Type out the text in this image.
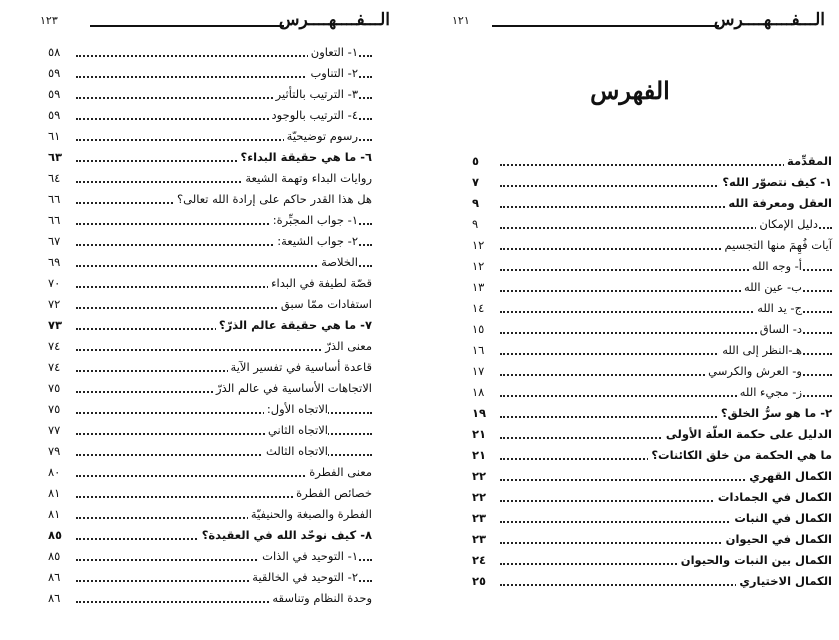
١٢١	الـــفــــهــــرس
الفهرس
٥	المقدِّمة
٧	١- كيف نتصوّر الله؟
٩	العقل ومعرفة الله
٩	دليل الإمكان
١٢	آيات فُهِمَ منها التجسيم
١٢	أ- وجه الله
١٣	ب- عين الله
١٤	ج- يد الله
١٥	د- الساق
١٦	هـ-النظر إلى الله
١٧	و- العرش والكرسي
١٨	ز- مجيء الله
١٩	٢- ما هو سرُّ الخلق؟
٢١	الدليل على حكمة العلّة الأولى
٢١	ما هي الحكمة من خلق الكائنات؟
٢٢	الكمال القهري
٢٢	الكمال في الجمادات
٢٣	الكمال في النبات
٢٣	الكمال في الحيوان
٢٤	الكمال بين النبات والحيوان
٢٥	الكمال الاختياري
١٢٣	الـــفــــهــــرس
٥٨	١- التعاون
٥٩	٢- التناوب
٥٩	٣- الترتيب بالتأثير
٥٩	٤- الترتيب بالوجود
٦١	رسوم توضيحيّة
٦٣	٦- ما هي حقيقة البداء؟
٦٤	روايات البداء وتهمة الشيعة
٦٦	هل هذا القدر حاكم على إرادة الله تعالى؟
٦٦	١- جواب المجبِّرة:
٦٧	٢- جواب الشيعة:
٦٩	الخلاصة
٧٠	قصّة لطيفة في البداء
٧٢	استفادات ممّا سبق
٧٣	٧- ما هي حقيقة عالم الذرّ؟
٧٤	معنى الذرّ
٧٤	قاعدة أساسية في تفسير الآية
٧٥	الاتجاهات الأساسية في عالم الذرّ
٧٥	الاتجاه الأول:
٧٧	الاتجاه الثاني
٧٩	الاتجاه الثالث
٨٠	معنى الفطرة
٨١	خصائص الفطرة
٨١	الفطرة والصبغة والحنيفيّة
٨٥	٨- كيف نوحّد الله في العقيدة؟
٨٥	١- التوحيد في الذات
٨٦	٢- التوحيد في الخالقية
٨٦	وحدة النظام وتناسقه
